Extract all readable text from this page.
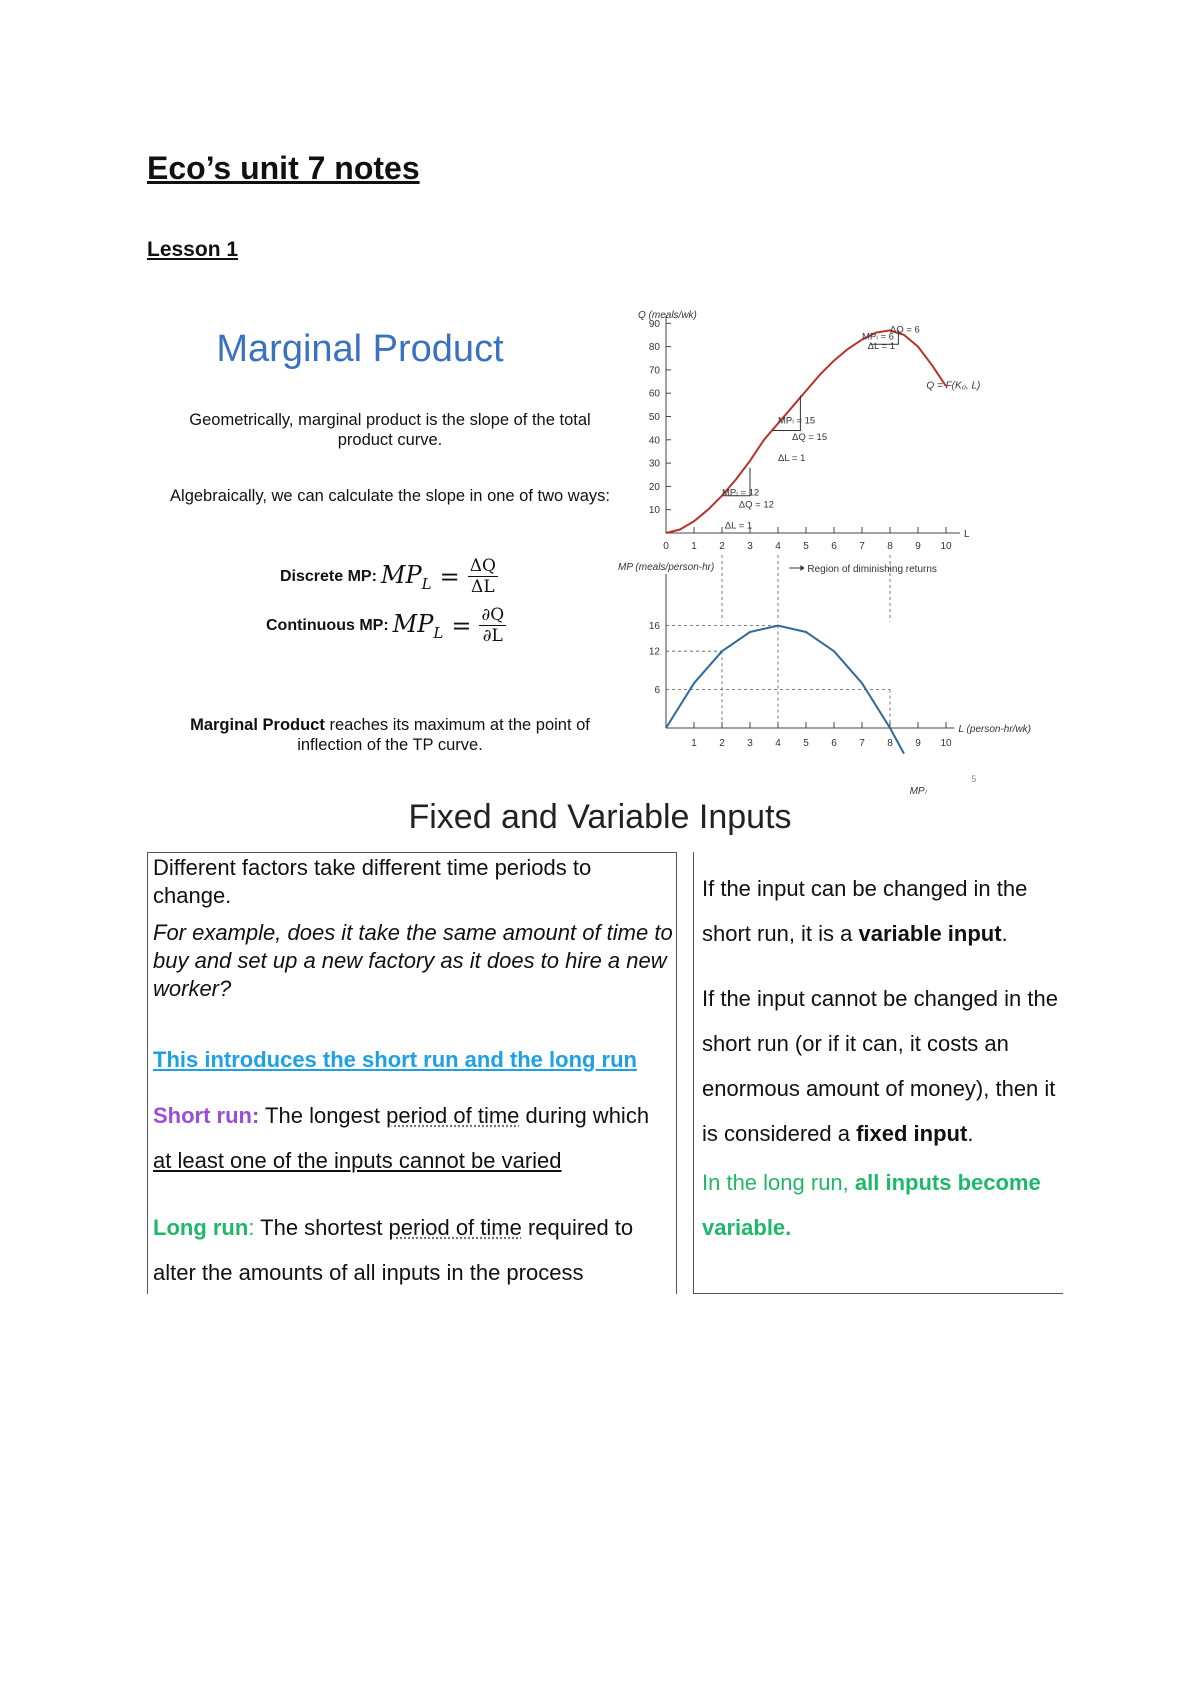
Eco’s unit 7 notes
Lesson 1
Marginal Product
Geometrically, marginal product is the slope of the total product curve.
Algebraically, we can calculate the slope in one of two ways:
Discrete MP: $MP_L = \frac{\Delta Q}{\Delta L}$
Continuous MP: $MP_L = \frac{\partial Q}{\partial L}$
Marginal Product reaches its maximum at the point of inflection of the TP curve.
Q (meals/wk)
L
10
20
30
40
50
60
70
80
90
0 1 2 3 4 5 6 7 8 9 10
Q = F(K₀, L)
MPₗ = 12
ΔQ = 12
ΔL = 1
MPₗ = 15
ΔQ = 15
ΔL = 1
MPₗ = 6
ΔQ = 6
ΔL = 1
Region of diminishing returns
MP (meals/person-hr)
L (person-hr/wk)
6
12
16
1 2 3 4 5 6 7 8 9 10
MPₗ
5
Fixed and Variable Inputs
Different factors take different time periods to change.
For example, does it take the same amount of time to buy and set up a new factory as it does to hire a new worker?
This introduces the short run and the long run
Short run: The longest period of time during which at least one of the inputs cannot be varied
Long run: The shortest period of time required to alter the amounts of all inputs in the process
If the input can be changed in the short run, it is a variable input.
If the input cannot be changed in the short run (or if it can, it costs an enormous amount of money), then it is considered a fixed input.
In the long run, all inputs become variable.
